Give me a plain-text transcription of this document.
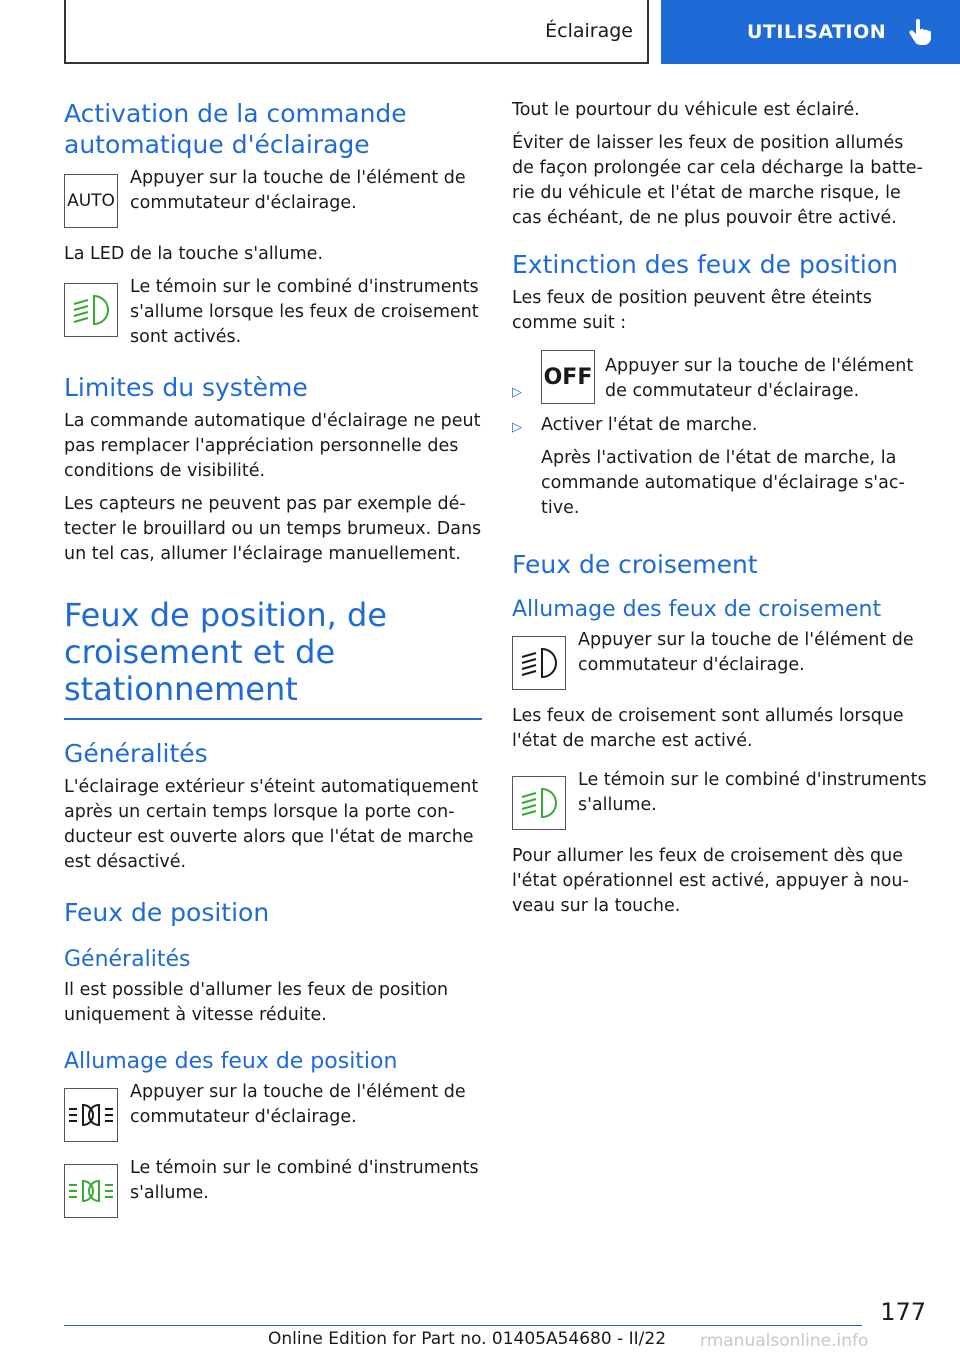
Éclairage	UTILISATION
Activation de la commande automatique d'éclairage
AUTO
Appuyer sur la touche de l'élément de commutateur d'éclairage.

La LED de la touche s'allume.

Le témoin sur le combiné d'instruments s'allume lorsque les feux de croisement sont activés.
Limites du système

La commande automatique d'éclairage ne peut pas remplacer l'appréciation personnelle des conditions de visibilité.

Les capteurs ne peuvent pas par exemple détecter le brouillard ou un temps brumeux. Dans un tel cas, allumer l'éclairage manuellement.

Feux de position, de croisement et de stationnement
Généralités

L'éclairage extérieur s'éteint automatiquement après un certain temps lorsque la porte conducteur est ouverte alors que l'état de marche est désactivé.

Feux de position
Généralités

Il est possible d'allumer les feux de position uniquement à vitesse réduite.

Allumage des feux de position
Appuyer sur la touche de l'élément de commutateur d'éclairage.
Le témoin sur le combiné d'instruments s'allume.

Tout le pourtour du véhicule est éclairé.

Éviter de laisser les feux de position allumés de façon prolongée car cela décharge la batterie du véhicule et l'état de marche risque, le cas échéant, de ne plus pouvoir être activé.

Extinction des feux de position

Les feux de position peuvent être éteints comme suit :

▷
OFF Appuyer sur la touche de l'élément de commutateur d'éclairage.
▷	Activer l'état de marche.
Après l'activation de l'état de marche, la commande automatique d'éclairage s'active.
Feux de croisement
Allumage des feux de croisement
Appuyer sur la touche de l'élément de commutateur d'éclairage.

Les feux de croisement sont allumés lorsque l'état de marche est activé.

Le témoin sur le combiné d'instruments s'allume.

Pour allumer les feux de croisement dès que l'état opérationnel est activé, appuyer à nouveau sur la touche.

177
Online Edition for Part no. 01405A54680 - II/22 rmanualsonline.info
